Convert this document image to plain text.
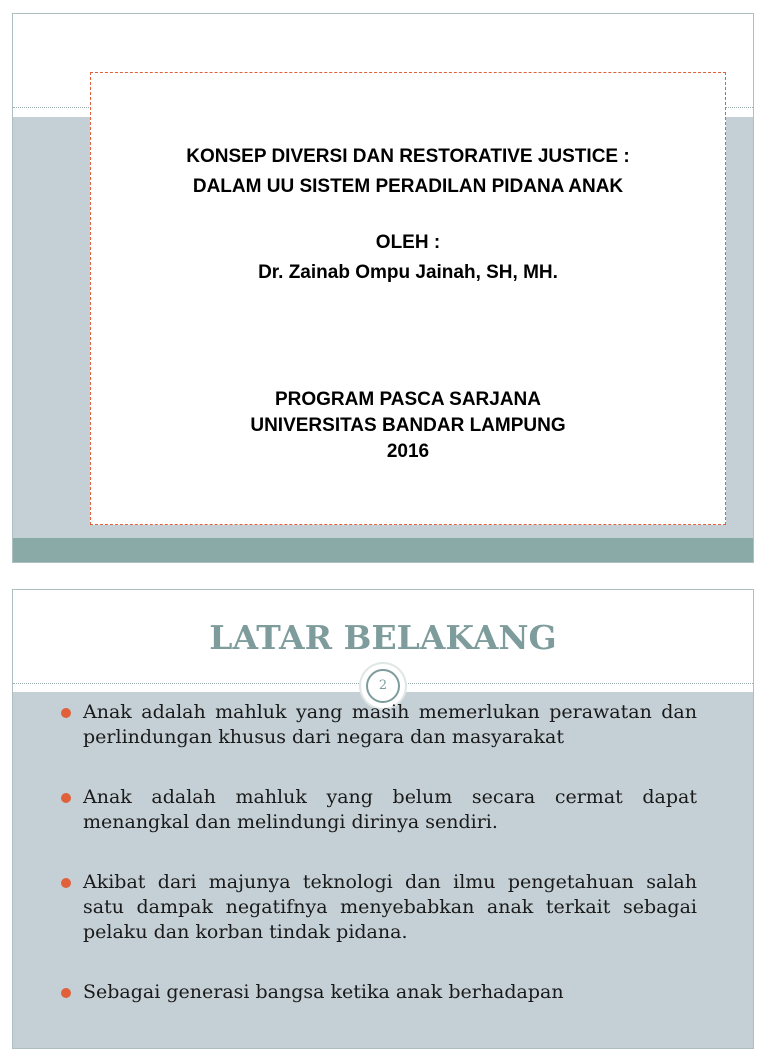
KONSEP DIVERSI DAN RESTORATIVE JUSTICE :
DALAM UU SISTEM PERADILAN PIDANA ANAK
OLEH :
Dr. Zainab Ompu Jainah, SH, MH.
PROGRAM PASCA SARJANA
UNIVERSITAS BANDAR LAMPUNG
2016
LATAR BELAKANG
2
Anak adalah mahluk yang masih memerlukan perawatan dan perlindungan khusus dari negara dan masyarakat
Anak adalah mahluk yang belum secara cermat dapat menangkal dan melindungi dirinya sendiri.
Akibat dari majunya teknologi dan ilmu pengetahuan salah satu dampak negatifnya menyebabkan anak terkait sebagai pelaku dan korban tindak pidana.
Sebagai generasi bangsa ketika anak berhadapan
